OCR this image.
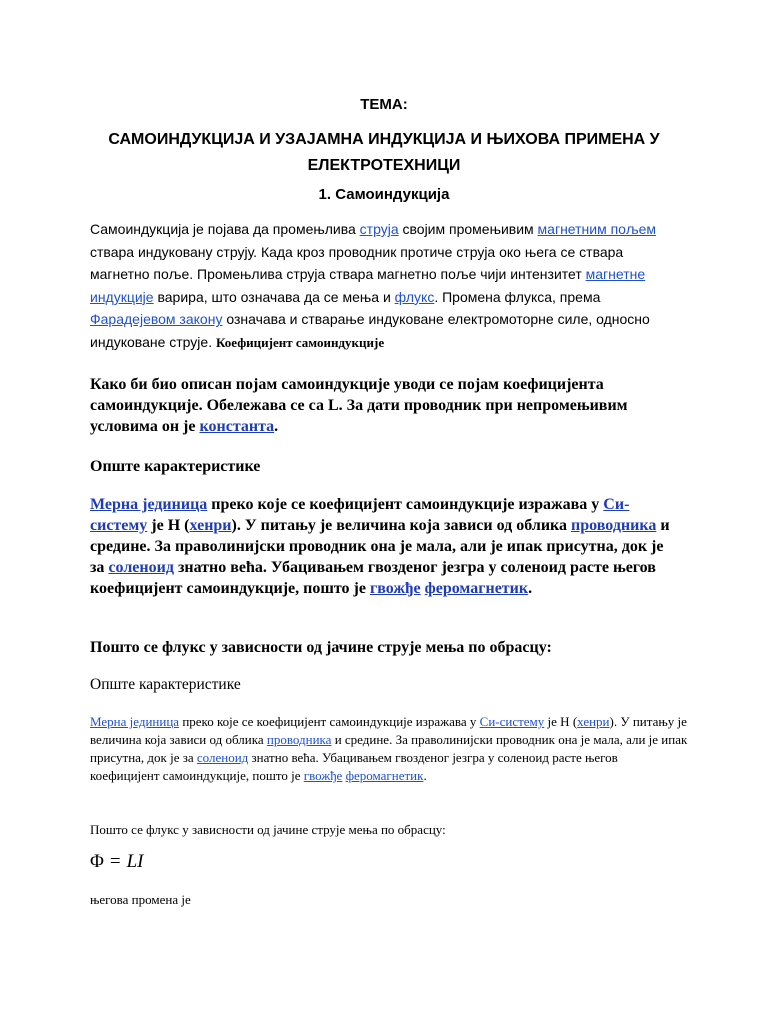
ТЕМА:
САМОИНДУКЦИЈА И УЗАЈАМНА ИНДУКЦИЈА И ЊИХОВА ПРИМЕНА У
ЕЛЕКТРОТЕХНИЦИ
1. Самоиндукција
Самоиндукција је појава да промењлива струја својим промењивим магнетним пољем ствара индуковану струју. Када кроз проводник протиче струја око њега се ствара магнетно поље. Промењлива струја ствара магнетно поље чији интензитет магнетне индукције варира, што означава да се мења и флукс. Промена флукса, према Фарадејевом закону означава и стварање индуковане електромоторне силе, односно индуковане струје. Коефицијент самоиндукције
Како би био описан појам самоиндукције уводи се појам коефицијента самоиндукције. Обележава се са L. За дати проводник при непромењивим условима он је константа.
Опште карактеристике
Мерна јединица преко које се коефицијент самоиндукције изражава у Си-систему је H (хенри). У питању је величина која зависи од облика проводника и средине. За праволинијски проводник она је мала, али је ипак присутна, док је за соленоид знатно већа. Убацивањем гвозденог језгра у соленоид расте његов коефицијент самоиндукције, пошто је гвожђе феромагнетик.
Пошто се флукс у зависности од јачине струје мења по обрасцу:
Опште карактеристике
Мерна јединица преко које се коефицијент самоиндукције изражава у Си-систему је H (хенри). У питању је величина која зависи од облика проводника и средине. За праволинијски проводник она је мала, али је ипак присутна, док је за соленоид знатно већа. Убацивањем гвозденог језгра у соленоид расте његов коефицијент самоиндукције, пошто је гвожђе феромагнетик.
Пошто се флукс у зависности од јачине струје мења по обрасцу:
Φ = LI
његова промена је
